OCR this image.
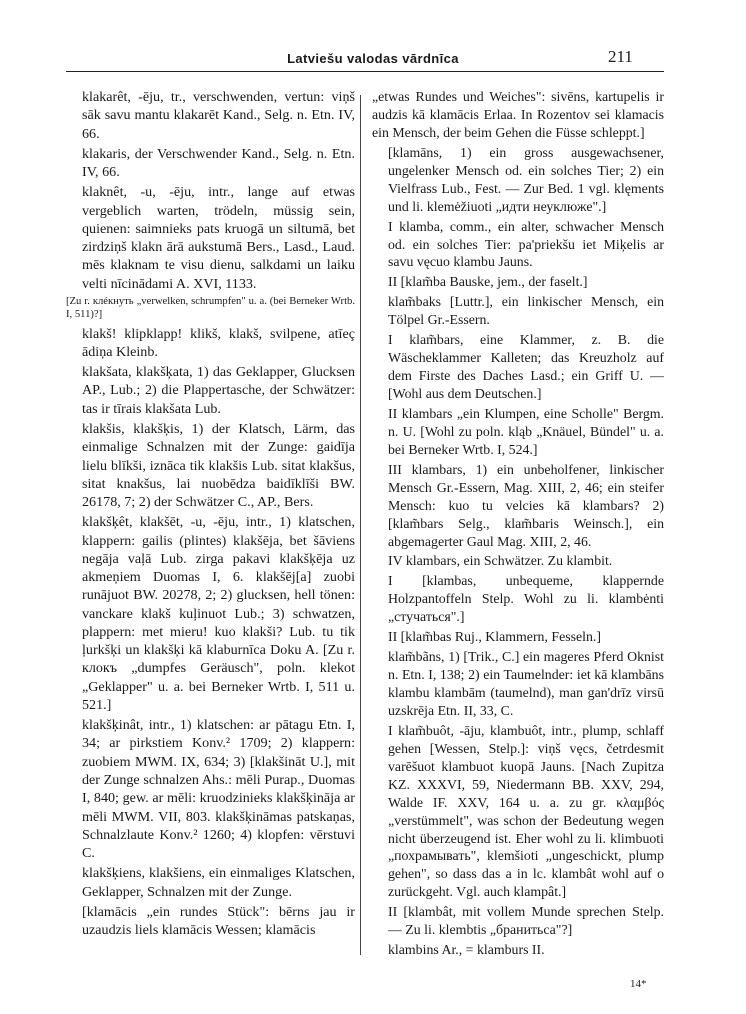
Latviešu valodas vārdnīca	211

klakarêt, -ēju, tr., verschwenden, vertun: viņš sāk savu mantu klakarēt Kand., Selg. n. Etn. IV, 66.

klakaris, der Verschwender Kand., Selg. n. Etn. IV, 66.

klaknêt, -u, -ēju, intr., lange auf etwas vergeblich warten, trödeln, müssig sein, quienen: saimnieks pats kruogā un siltumā, bet zirdziņš klakn ārā aukstumā Bers., Lasd., Laud. mēs klaknam te visu dienu, salkdami un laiku velti nīcinādami A. XVI, 1133.

[Zu r. клéкнуть „verwelken, schrumpfen" u. a. (bei Berneker Wrtb. I, 511)?]

klakš! klipklapp! klikš, klakš, svilpene, atīeç ādiņa Kleinb.

klakšata, klakšķata, 1) das Geklapper, Glucksen AP., Lub.; 2) die Plappertasche, der Schwätzer: tas ir tīrais klakšata Lub.

klakšis, klakšķis, 1) der Klatsch, Lärm, das einmalige Schnalzen mit der Zunge: gaidīja lielu blīkši, iznāca tik klakšis Lub. sitat klakšus, sitat knakšus, lai nuobēdza baidīklīši BW. 26178, 7; 2) der Schwätzer C., AP., Bers.

klakšķêt, klakšēt, -u, -ēju, intr., 1) klatschen, klappern: gailis (plintes) klakšēja, bet šāviens negāja vaļā Lub. zirga pakavi klakšķēja uz akmeņiem Duomas I, 6. klakšēj[a] zuobi runājuot BW. 20278, 2; 2) glucksen, hell tönen: vanckare klakš kuļinuot Lub.; 3) schwatzen, plappern: met mieru! kuo klakši? Lub. tu tik ļurkšķi un klakšķi kā klaburnīca Doku A. [Zu r. клокъ „dumpfes Geräusch", poln. klekot „Geklapper" u. a. bei Berneker Wrtb. I, 511 u. 521.]

klakšķinât, intr., 1) klatschen: ar pātagu Etn. I, 34; ar pirkstiem Konv.² 1709; 2) klappern: zuobiem MWM. IX, 634; 3) [klakšināt U.], mit der Zunge schnalzen Ahs.: mēli Purap., Duomas I, 840; gew. ar mēli: kruodzinieks klakšķināja ar mēli MWM. VII, 803. klakšķināmas patskaņas, Schnalzlaute Konv.² 1260; 4) klopfen: vērstuvi C.

klakšķiens, klakšiens, ein einmaliges Klatschen, Geklapper, Schnalzen mit der Zunge.

[klamācis „ein rundes Stück": bērns jau ir uzaudzis liels klamācis Wessen; klamācis

„etwas Rundes und Weiches": sivēns, kartupelis ir audzis kā klamācis Erlaa. In Rozentov sei klamacis ein Mensch, der beim Gehen die Füsse schleppt.]

[klamāns, 1) ein gross ausgewachsener, ungelenker Mensch od. ein solches Tier; 2) ein Vielfrass Lub., Fest. — Zur Bed. 1 vgl. klęments und li. klemėžiuoti „идти неуклюже".]

I klamba, comm., ein alter, schwacher Mensch od. ein solches Tier: pa'priekšu iet Miķelis ar savu vęcuo klambu Jauns.

II [klam̃ba Bauske, jem., der faselt.]

klam̃baks [Luttr.], ein linkischer Mensch, ein Tölpel Gr.-Essern.

I klam̃bars, eine Klammer, z. B. die Wäscheklammer Kalleten; das Kreuzholz auf dem Firste des Daches Lasd.; ein Griff U. — [Wohl aus dem Deutschen.]

II klambars „ein Klumpen, eine Scholle" Bergm. n. U. [Wohl zu poln. kląb „Knäuel, Bündel" u. a. bei Berneker Wrtb. I, 524.]

III klambars, 1) ein unbeholfener, linkischer Mensch Gr.-Essern, Mag. XIII, 2, 46; ein steifer Mensch: kuo tu velcies kā klambars? 2) [klam̃bars Selg., klam̃baris Weinsch.], ein abgemagerter Gaul Mag. XIII, 2, 46.

IV klambars, ein Schwätzer. Zu klambit.

I [klambas, unbequeme, klappernde Holzpantoffeln Stelp. Wohl zu li. klambėnti „стучаться".]

II [klam̃bas Ruj., Klammern, Fesseln.]

klam̃bãns, 1) [Trik., C.] ein mageres Pferd Oknist n. Etn. I, 138; 2) ein Taumelnder: iet kā klambāns klambu klambām (taumelnd), man gan'drīz virsū uzskrēja Etn. II, 33, C.

I klam̃buôt, -āju, klambuôt, intr., plump, schlaff gehen [Wessen, Stelp.]: viņš vęcs, četrdesmit varēšuot klambuot kuopā Jauns. [Nach Zupitza KZ. XXXVI, 59, Niedermann BB. XXV, 294, Walde IF. XXV, 164 u. a. zu gr. κλαμβός „verstümmelt", was schon der Bedeutung wegen nicht überzeugend ist. Eher wohl zu li. klimbuoti „похрамывать", klemšioti „ungeschickt, plump gehen", so dass das a in lc. klambât wohl auf o zurückgeht. Vgl. auch klampât.]

II [klambât, mit vollem Munde sprechen Stelp. — Zu li. klembtis „бранитьса"?]

klambins Ar., = klamburs II.

14*
